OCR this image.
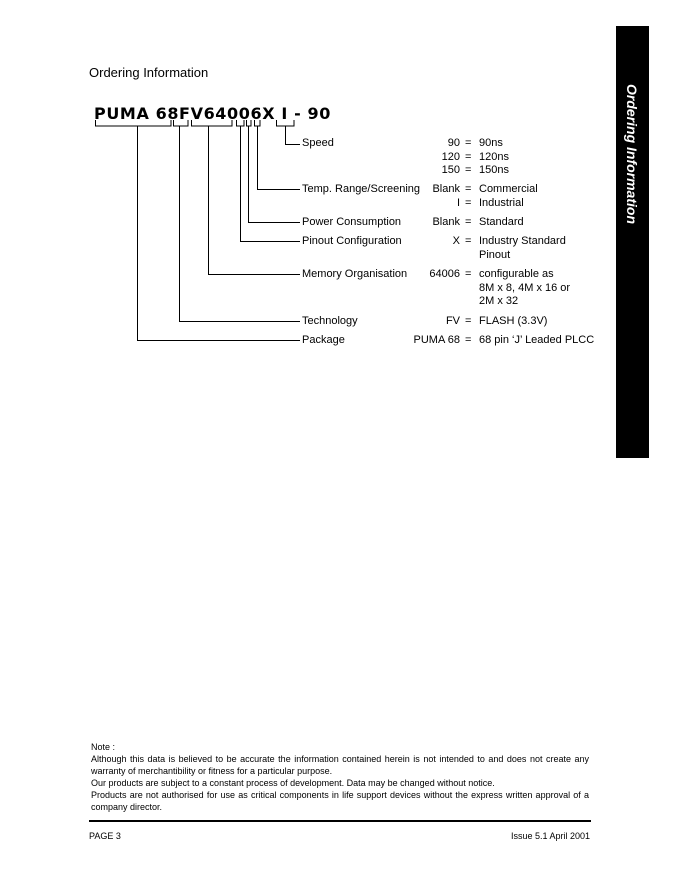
Ordering Information
PUMA 68FV64006X I - 90	Ordering Information
Speed	90 = 90ns
120 = 120ns
150 = 150ns
Temp. Range/Screening Blank = Commercial
I = Industrial
Power Consumption	Blank = Standard
Pinout Configuration	X = Industry Standard
Pinout
Memory Organisation 64006 = configurable as
8M x 8, 4M x 16 or
2M x 32
Technology	FV = FLASH (3.3V)
Package	PUMA 68 = 68 pin ‘J’ Leaded PLCC

Note :

Although this data is believed to be accurate the information contained herein is not intended to and does not create any warranty of merchantibility or fitness for a particular purpose.

Our products are subject to a constant process of development. Data may be changed without notice.

Products are not authorised for use as critical components in life support devices without the express written approval of a company director.

PAGE 3	Issue 5.1 April 2001
